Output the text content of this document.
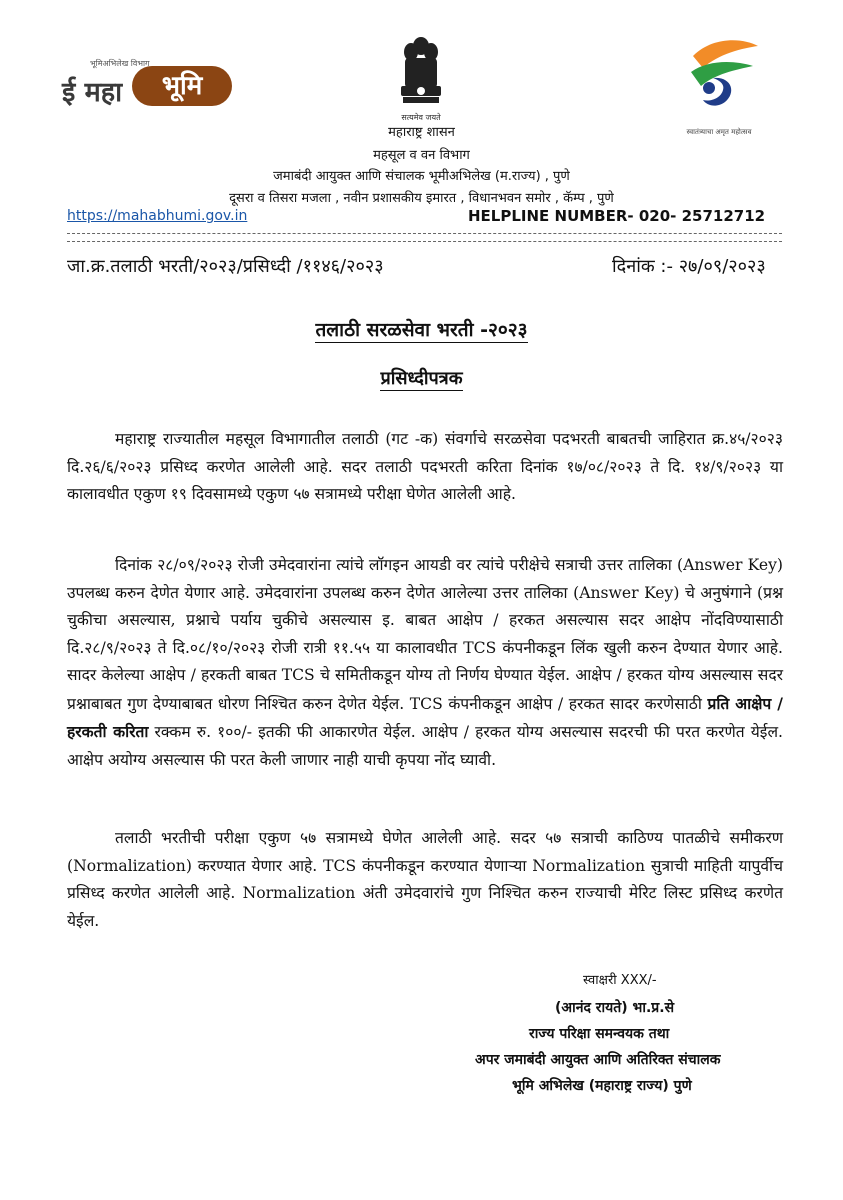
भूमि
ई महा
भूमिअभिलेख विभाग
सत्यमेव जयते
स्वातंत्र्याचा अमृत महोत्सव
महाराष्ट्र शासन
महसूल व वन विभाग
जमाबंदी आयुक्त आणि संचालक भूमीअभिलेख (म.राज्य) , पुणे
दूसरा व तिसरा मजला , नवीन प्रशासकीय इमारत , विधानभवन समोर , कॅम्प , पुणे
https://mahabhumi.gov.in	HELPLINE NUMBER- 020- 25712712
जा.क्र.तलाठी भरती/२०२३/प्रसिध्दी /११४६/२०२३	दिनांक :- २७/०९/२०२३
तलाठी सरळसेवा भरती -२०२३
प्रसिध्दीपत्रक
महाराष्ट्र राज्यातील महसूल विभागातील तलाठी (गट -क) संवर्गाचे सरळसेवा पदभरती बाबतची जाहिरात क्र.४५/२०२३ दि.२६/६/२०२३ प्रसिध्द करणेत आलेली आहे. सदर तलाठी पदभरती करिता दिनांक १७/०८/२०२३ ते दि. १४/९/२०२३ या कालावधीत एकुण १९ दिवसामध्ये एकुण ५७ सत्रामध्ये परीक्षा घेणेत आलेली आहे.
दिनांक २८/०९/२०२३ रोजी उमेदवारांना त्यांचे लॉगइन आयडी वर त्यांचे परीक्षेचे सत्राची उत्तर तालिका (Answer Key) उपलब्ध करुन देणेत येणार आहे. उमेदवारांना उपलब्ध करुन देणेत आलेल्या उत्तर तालिका (Answer Key) चे अनुषंगाने (प्रश्न चुकीचा असल्यास, प्रश्नाचे पर्याय चुकीचे असल्यास इ. बाबत आक्षेप / हरकत असल्यास सदर आक्षेप नोंदविण्यासाठी दि.२८/९/२०२३ ते दि.०८/१०/२०२३ रोजी रात्री ११.५५ या कालावधीत TCS कंपनीकडून लिंक खुली करुन देण्यात येणार आहे. सादर केलेल्या आक्षेप / हरकती बाबत TCS चे समितीकडून योग्य तो निर्णय घेण्यात येईल. आक्षेप / हरकत योग्य असल्यास सदर प्रश्नाबाबत गुण देण्याबाबत धोरण निश्चित करुन देणेत येईल. TCS कंपनीकडून आक्षेप / हरकत सादर करणेसाठी प्रति आक्षेप / हरकती करिता रक्कम रु. १००/- इतकी फी आकारणेत येईल. आक्षेप / हरकत योग्य असल्यास सदरची फी परत करणेत येईल. आक्षेप अयोग्य असल्यास फी परत केली जाणार नाही याची कृपया नोंद घ्यावी.
तलाठी भरतीची परीक्षा एकुण ५७ सत्रामध्ये घेणेत आलेली आहे. सदर ५७ सत्राची काठिण्य पातळीचे समीकरण (Normalization) करण्यात येणार आहे. TCS कंपनीकडून करण्यात येणाऱ्या Normalization सुत्राची माहिती यापुर्वीच प्रसिध्द करणेत आलेली आहे. Normalization अंती उमेदवारांचे गुण निश्चित करुन राज्याची मेरिट लिस्ट प्रसिध्द करणेत येईल.
स्वाक्षरी XXX/-
(आनंद रायते) भा.प्र.से
राज्य परिक्षा समन्वयक तथा
अपर जमाबंदी आयुक्त आणि अतिरिक्त संचालक
भूमि अभिलेख (महाराष्ट्र राज्य) पुणे
